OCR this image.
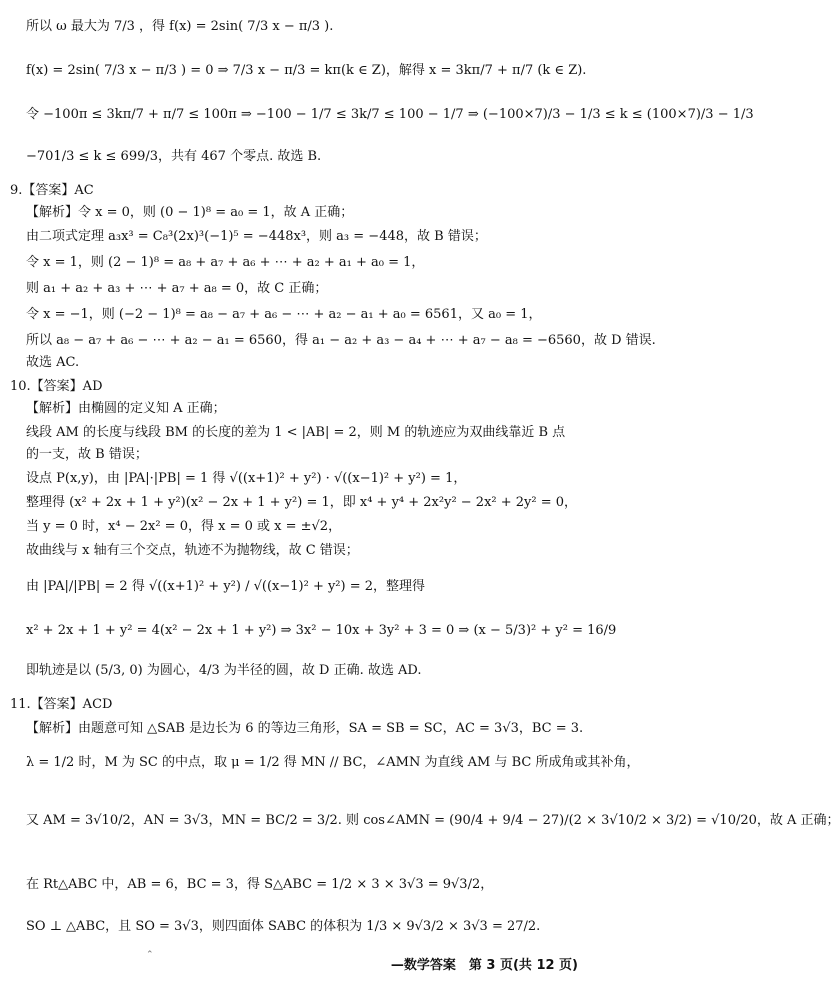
所以 ω 最大为 7/3 ，得 f(x) = 2sin( 7/3 x − π/3 ).
f(x) = 2sin( 7/3 x − π/3 ) = 0 ⇒ 7/3 x − π/3 = kπ(k ∈ Z)，解得 x = 3kπ/7 + π/7 (k ∈ Z).
令 −100π ≤ 3kπ/7 + π/7 ≤ 100π ⇒ −100 − 1/7 ≤ 3k/7 ≤ 100 − 1/7 ⇒ (−100×7)/3 − 1/3 ≤ k ≤ (100×7)/3 − 1/3
−701/3 ≤ k ≤ 699/3，共有 467 个零点. 故选 B.
9.【答案】AC
【解析】令 x = 0，则 (0 − 1)⁸ = a₀ = 1，故 A 正确；
由二项式定理 a₃x³ = C₈³(2x)³(−1)⁵ = −448x³，则 a₃ = −448，故 B 错误；
令 x = 1，则 (2 − 1)⁸ = a₈ + a₇ + a₆ + ⋯ + a₂ + a₁ + a₀ = 1，
则 a₁ + a₂ + a₃ + ⋯ + a₇ + a₈ = 0，故 C 正确；
令 x = −1，则 (−2 − 1)⁸ = a₈ − a₇ + a₆ − ⋯ + a₂ − a₁ + a₀ = 6561，又 a₀ = 1，
所以 a₈ − a₇ + a₆ − ⋯ + a₂ − a₁ = 6560，得 a₁ − a₂ + a₃ − a₄ + ⋯ + a₇ − a₈ = −6560，故 D 错误.
故选 AC.
10.【答案】AD
【解析】由椭圆的定义知 A 正确；
线段 AM 的长度与线段 BM 的长度的差为 1 < |AB| = 2，则 M 的轨迹应为双曲线靠近 B 点
的一支，故 B 错误；
设点 P(x,y)，由 |PA|·|PB| = 1 得 √((x+1)² + y²) · √((x−1)² + y²) = 1，
整理得 (x² + 2x + 1 + y²)(x² − 2x + 1 + y²) = 1，即 x⁴ + y⁴ + 2x²y² − 2x² + 2y² = 0，
当 y = 0 时，x⁴ − 2x² = 0，得 x = 0 或 x = ±√2，
故曲线与 x 轴有三个交点，轨迹不为抛物线，故 C 错误；
由 |PA|/|PB| = 2 得 √((x+1)² + y²) / √((x−1)² + y²) = 2，整理得
x² + 2x + 1 + y² = 4(x² − 2x + 1 + y²) ⇒ 3x² − 10x + 3y² + 3 = 0 ⇒ (x − 5/3)² + y² = 16/9
即轨迹是以 (5/3, 0) 为圆心，4/3 为半径的圆，故 D 正确. 故选 AD.
11.【答案】ACD
【解析】由题意可知 △SAB 是边长为 6 的等边三角形，SA = SB = SC，AC = 3√3，BC = 3.
λ = 1/2 时，M 为 SC 的中点，取 μ = 1/2 得 MN // BC，∠AMN 为直线 AM 与 BC 所成角或其补角，
又 AM = 3√10/2，AN = 3√3，MN = BC/2 = 3/2. 则 cos∠AMN = (90/4 + 9/4 − 27)/(2 × 3√10/2 × 3/2) = √10/20，故 A 正确；
在 Rt△ABC 中，AB = 6，BC = 3，得 S△ABC = 1/2 × 3 × 3√3 = 9√3/2，
SO ⊥ △ABC，且 SO = 3√3，则四面体 SABC 的体积为 1/3 × 9√3/2 × 3√3 = 27/2.
⌃
—数学答案　第 3 页(共 12 页)
